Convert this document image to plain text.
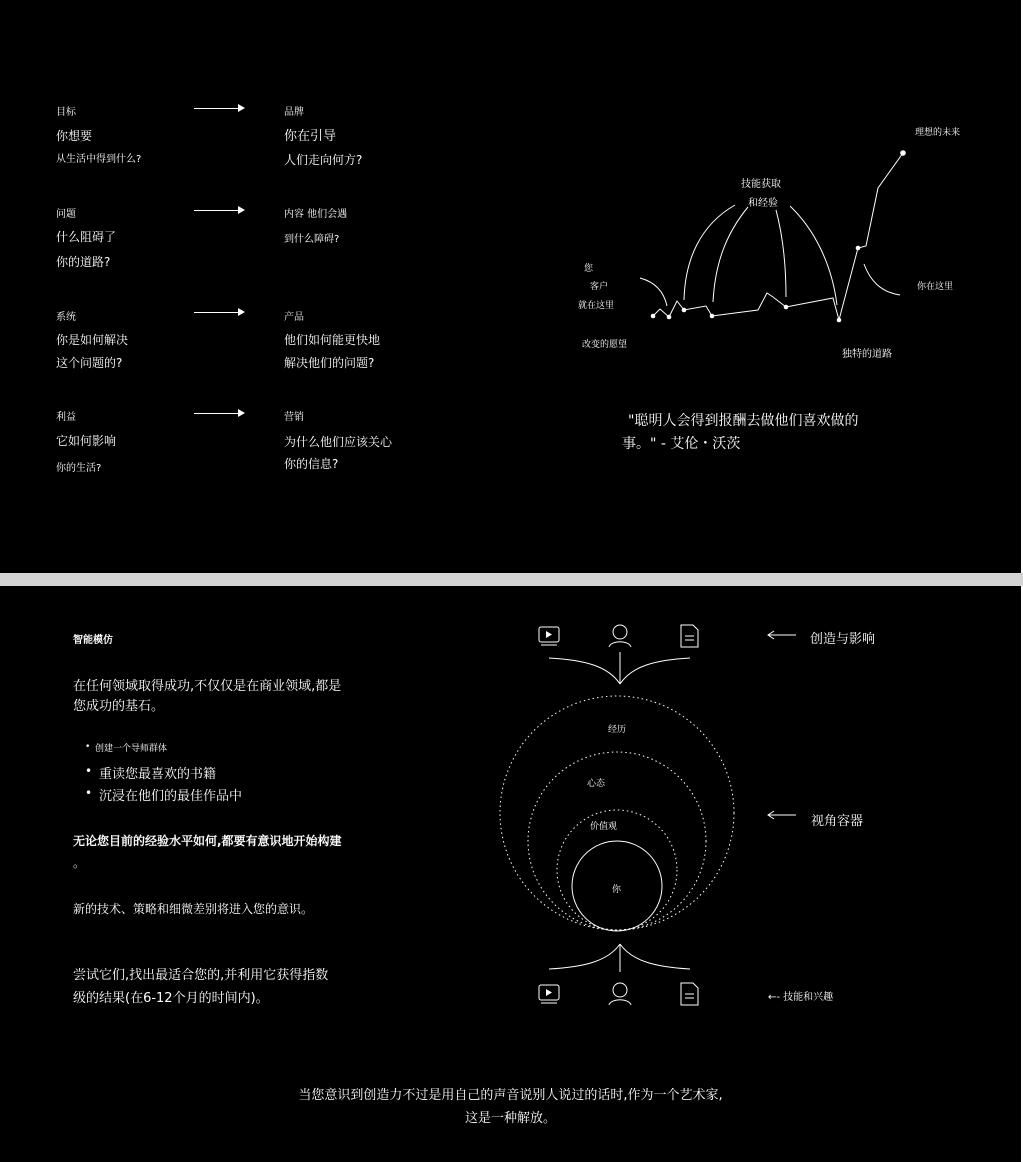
目标
你想要
从生活中得到什么?
品牌
你在引导
人们走向何方?
问题
什么阻碍了
你的道路?
内容 他们会遇
到什么障碍?
系统
你是如何解决
这个问题的?
产品
他们如何能更快地
解决他们的问题?
利益
它如何影响
你的生活?
营销
为什么他们应该关心
你的信息?
技能获取
和经验
您
客户
就在这里
改变的愿望
独特的道路
理想的未来
你在这里
"聪明人会得到报酬去做他们喜欢做的
事。" - 艾伦・沃茨
智能模仿
在任何领域取得成功,不仅仅是在商业领域,都是
您成功的基石。
• 创建一个导师群体
• 重读您最喜欢的书籍
• 沉浸在他们的最佳作品中
无论您目前的经验水平如何,都要有意识地开始构建
。
新的技术、策略和细微差别将进入您的意识。
尝试它们,找出最适合您的,并利用它获得指数
级的结果(在6-12个月的时间内)。
经历
心态
价值观
你
创造与影响
视角容器
←- 技能和兴趣
当您意识到创造力不过是用自己的声音说别人说过的话时,作为一个艺术家,
这是一种解放。
